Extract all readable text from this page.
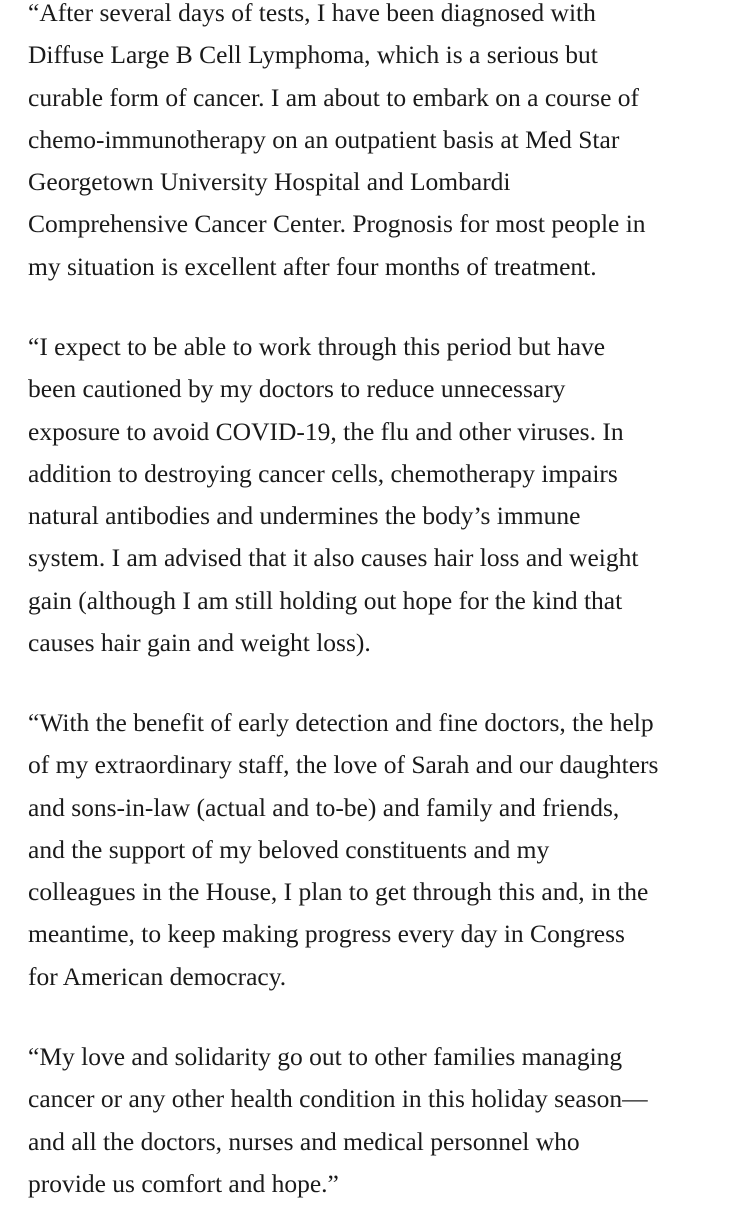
“After several days of tests, I have been diagnosed with
Diffuse Large B Cell Lymphoma, which is a serious but
curable form of cancer. I am about to embark on a course of
chemo-immunotherapy on an outpatient basis at Med Star
Georgetown University Hospital and Lombardi
Comprehensive Cancer Center. Prognosis for most people in
my situation is excellent after four months of treatment.

“I expect to be able to work through this period but have
been cautioned by my doctors to reduce unnecessary
exposure to avoid COVID-19, the flu and other viruses. In
addition to destroying cancer cells, chemotherapy impairs
natural antibodies and undermines the body’s immune
system. I am advised that it also causes hair loss and weight
gain (although I am still holding out hope for the kind that
causes hair gain and weight loss).

“With the benefit of early detection and fine doctors, the help
of my extraordinary staff, the love of Sarah and our daughters
and sons-in-law (actual and to-be) and family and friends,
and the support of my beloved constituents and my
colleagues in the House, I plan to get through this and, in the
meantime, to keep making progress every day in Congress
for American democracy.

“My love and solidarity go out to other families managing
cancer or any other health condition in this holiday season—
and all the doctors, nurses and medical personnel who
provide us comfort and hope.”
